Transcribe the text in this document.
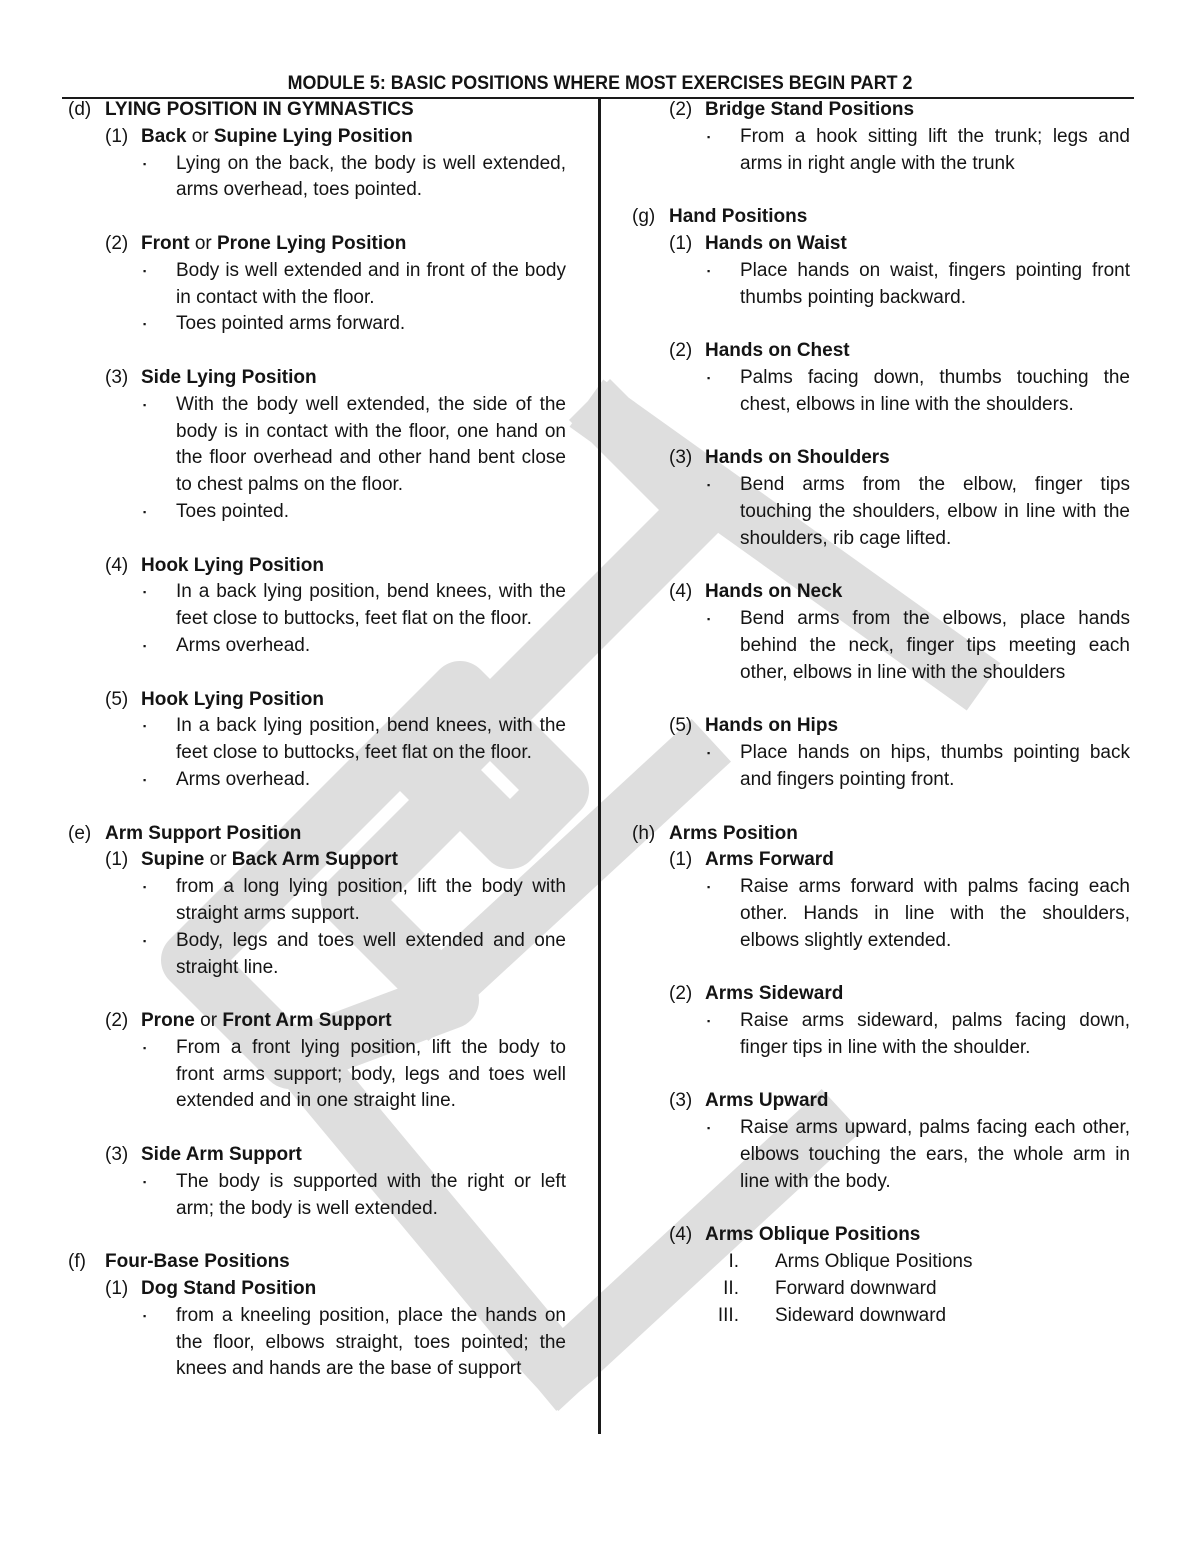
MODULE 5: BASIC POSITIONS WHERE MOST EXERCISES BEGIN PART 2
(d) LYING POSITION IN GYMNASTICS
(1) Back or Supine Lying Position
▪	Lying on the back, the body is well extended, arms overhead, toes pointed.
(2) Front or Prone Lying Position
▪	Body is well extended and in front of the body in contact with the floor.
▪	Toes pointed arms forward.
(3) Side Lying Position
▪	With the body well extended, the side of the body is in contact with the floor, one hand on the floor overhead and other hand bent close to chest palms on the floor.
▪	Toes pointed.
(4) Hook Lying Position
▪	In a back lying position, bend knees, with the feet close to buttocks, feet flat on the floor.
▪	Arms overhead.
(5) Hook Lying Position
▪	In a back lying position, bend knees, with the feet close to buttocks, feet flat on the floor.
▪	Arms overhead.
(e) Arm Support Position
(1) Supine or Back Arm Support
▪	from a long lying position, lift the body with straight arms support.
▪	Body, legs and toes well extended and one straight line.
(2) Prone or Front Arm Support
▪	From a front lying position, lift the body to front arms support; body, legs and toes well extended and in one straight line.
(3) Side Arm Support
▪	The body is supported with the right or left arm; the body is well extended.
(f)	Four-Base Positions
(1) Dog Stand Position
▪	from a kneeling position, place the hands on the floor, elbows straight, toes pointed; the knees and hands are the base of support
(2) Bridge Stand Positions
▪	From a hook sitting lift the trunk; legs and arms in right angle with the trunk
(g) Hand Positions
(1) Hands on Waist
▪	Place hands on waist, fingers pointing front thumbs pointing backward.
(2) Hands on Chest
▪	Palms facing down, thumbs touching the chest, elbows in line with the shoulders.
(3) Hands on Shoulders
▪	Bend arms from the elbow, finger tips touching the shoulders, elbow in line with the shoulders, rib cage lifted.
(4) Hands on Neck
▪	Bend arms from the elbows, place hands behind the neck, finger tips meeting each other, elbows in line with the shoulders
(5) Hands on Hips
▪	Place hands on hips, thumbs pointing back and fingers pointing front.
(h) Arms Position
(1) Arms Forward
▪	Raise arms forward with palms facing each other. Hands in line with the shoulders, elbows slightly extended.
(2) Arms Sideward
▪	Raise arms sideward, palms facing down, finger tips in line with the shoulder.
(3) Arms Upward
▪	Raise arms upward, palms facing each other, elbows touching the ears, the whole arm in line with the body.
(4) Arms Oblique Positions
I.	Arms Oblique Positions
II.	Forward downward
III.	Sideward downward
